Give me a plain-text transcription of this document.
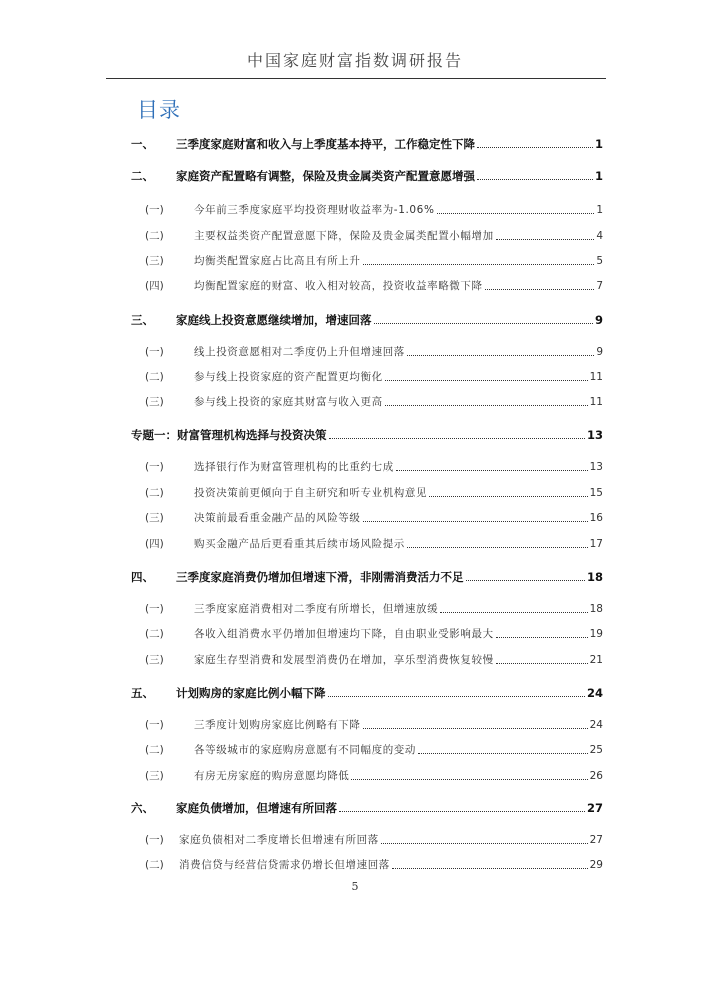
中国家庭财富指数调研报告
目录
一、	三季度家庭财富和收入与上季度基本持平，工作稳定性下降	1
二、	家庭资产配置略有调整，保险及贵金属类资产配置意愿增强	1
(一)	今年前三季度家庭平均投资理财收益率为-1.06%	1
(二)	主要权益类资产配置意愿下降，保险及贵金属类配置小幅增加	4
(三)	均衡类配置家庭占比高且有所上升	5
(四)	均衡配置家庭的财富、收入相对较高，投资收益率略微下降	7
三、	家庭线上投资意愿继续增加，增速回落	9
(一)	线上投资意愿相对二季度仍上升但增速回落	9
(二)	参与线上投资家庭的资产配置更均衡化	11
(三)	参与线上投资的家庭其财富与收入更高	11
专题一：财富管理机构选择与投资决策	13
(一)	选择银行作为财富管理机构的比重约七成	13
(二)	投资决策前更倾向于自主研究和听专业机构意见	15
(三)	决策前最看重金融产品的风险等级	16
(四)	购买金融产品后更看重其后续市场风险提示	17
四、	三季度家庭消费仍增加但增速下滑，非刚需消费活力不足	18
(一)	三季度家庭消费相对二季度有所增长，但增速放缓	18
(二)	各收入组消费水平仍增加但增速均下降，自由职业受影响最大	19
(三)	家庭生存型消费和发展型消费仍在增加，享乐型消费恢复较慢	21
五、	计划购房的家庭比例小幅下降	24
(一)	三季度计划购房家庭比例略有下降	24
(二)	各等级城市的家庭购房意愿有不同幅度的变动	25
(三)	有房无房家庭的购房意愿均降低	26
六、	家庭负债增加，但增速有所回落	27
(一)	家庭负债相对二季度增长但增速有所回落	27
(二)	消费信贷与经营信贷需求仍增长但增速回落	29
5
